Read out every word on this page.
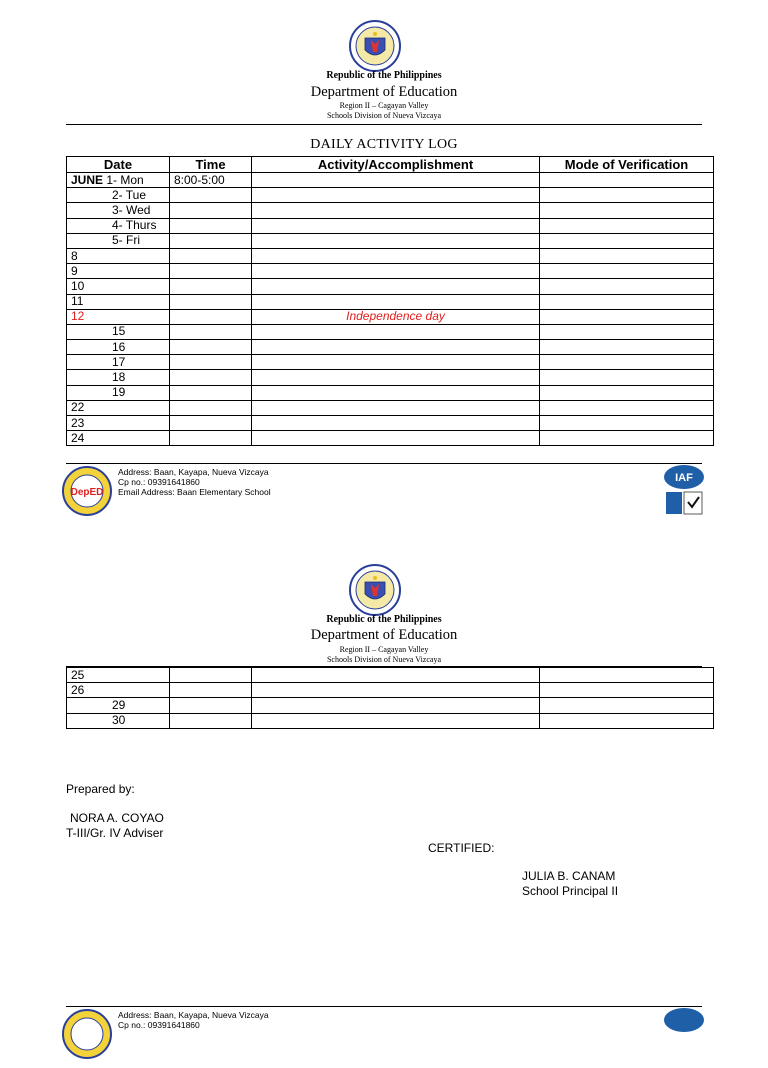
Republic of the Philippines
Department of Education
Region II – Cagayan Valley
Schools Division of Nueva Vizcaya
DAILY ACTIVITY LOG
Date	Time	Activity/Accomplishment	Mode of Verification
JUNE 1- Mon	8:00-5:00		
2- Tue			
3- Wed			
4- Thurs			
5- Fri			
8			
9			
10			
11			
12		Independence day	
15			
16			
17			
18			
19			
22			
23			
24			
DepED
Address: Baan, Kayapa, Nueva Vizcaya
Cp no.: 09391641860
Email Address: Baan Elementary School
IAF
Republic of the Philippines
Department of Education
Region II – Cagayan Valley
Schools Division of Nueva Vizcaya
25			
26			
29			
30			
Prepared by:
NORA A. COYAO
T-III/Gr. IV Adviser
CERTIFIED:
JULIA B. CANAM
School Principal II
Address: Baan, Kayapa, Nueva Vizcaya
Cp no.: 09391641860
